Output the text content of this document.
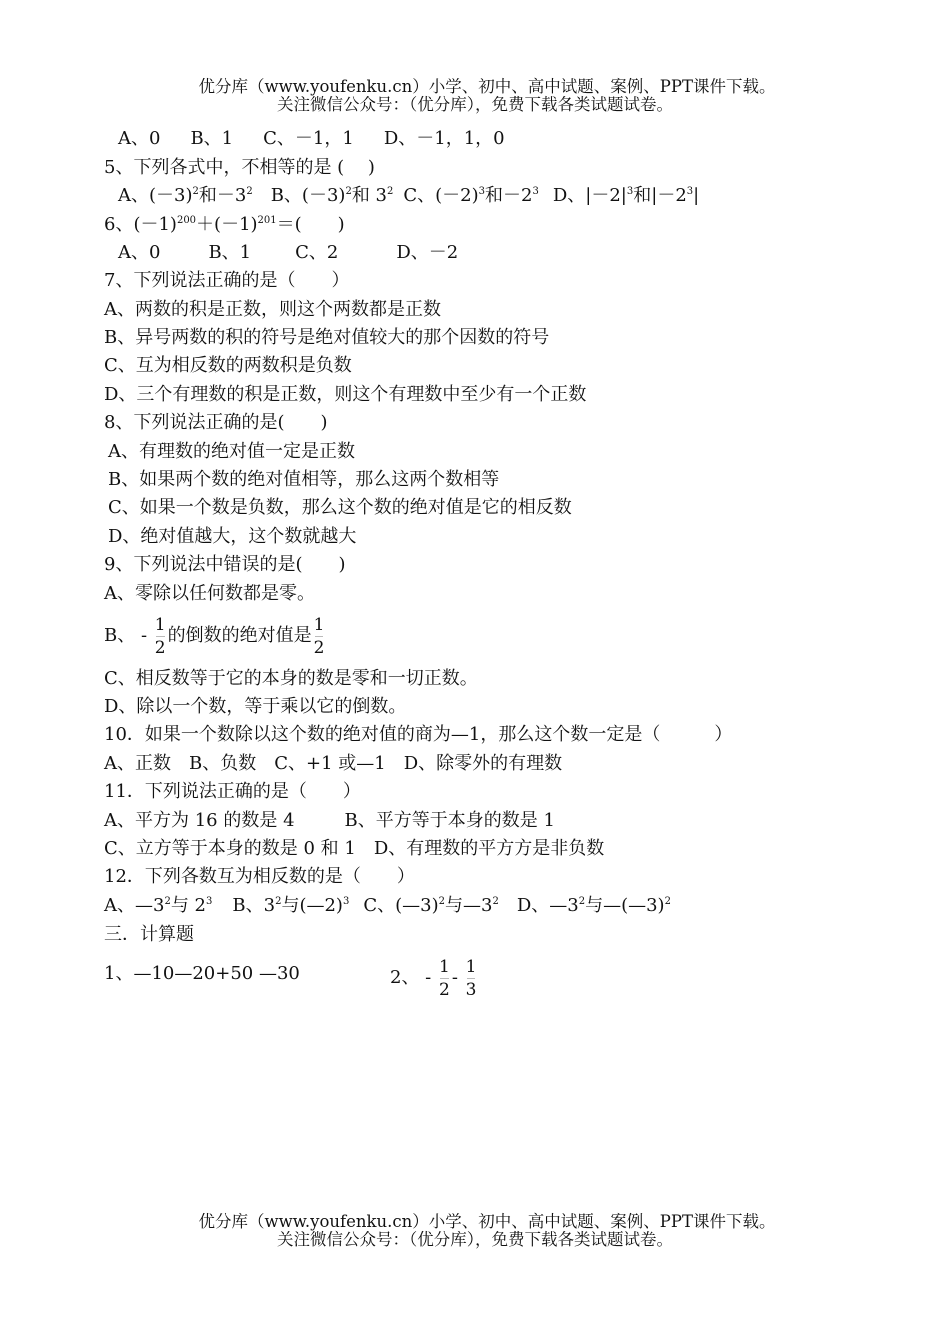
优分库（www.youfenku.cn）小学、初中、高中试题、案例、PPT课件下载。
关注微信公众号：（优分库），免费下载各类试题试卷。
A、0 B、1 C、－1，1 D、－1，1，0
5、下列各式中，不相等的是 (　 )
A、$(-3)^2$和$-3^2$ B、$(-3)^2$和 $3^2$ C、$(-2)^3$和$-2^3$ D、$|-2|^3$和$|-2^3|$
6、$(-1)^{200}+(-1)^{201}=$(　　)
A、0	B、1 C、2	D、－2
7、下列说法正确的是（　　）
A、两数的积是正数，则这个两数都是正数
B、异号两数的积的符号是绝对值较大的那个因数的符号
C、互为相反数的两数积是负数
D、三个有理数的积是正数，则这个有理数中至少有一个正数
8、下列说法正确的是(　　)
A、有理数的绝对值一定是正数
B、如果两个数的绝对值相等，那么这两个数相等
C、如果一个数是负数，那么这个数的绝对值是它的相反数
D、绝对值越大，这个数就越大
9、下列说法中错误的是(　　)
A、零除以任何数都是零。
B、 - $\frac{1}{2}$ 的倒数的绝对值是 $\frac{1}{2}$
C、相反数等于它的本身的数是零和一切正数。
D、除以一个数，等于乘以它的倒数。
10．如果一个数除以这个数的绝对值的商为—1，那么这个数一定是（　　　）
A、正数　B、负数　C、+1 或—1　D、除零外的有理数
11．下列说法正确的是（　　）
A、平方为 16 的数是 4	B、平方等于本身的数是 1
C、立方等于本身的数是 0 和 1 D、有理数的平方方是非负数
12．下列各数互为相反数的是（　　）
A、$—3^2$与 $2^3$ B、$3^2$与(—2)$^3$ C、(—3)$^2$与$—3^2$ D、$—3^2$与—(—3)$^2$
三．计算题
1、—10—20+50 —30	2、 - $\frac{1}{2} - \frac{1}{3}$
优分库（www.youfenku.cn）小学、初中、高中试题、案例、PPT课件下载。
关注微信公众号：（优分库），免费下载各类试题试卷。
